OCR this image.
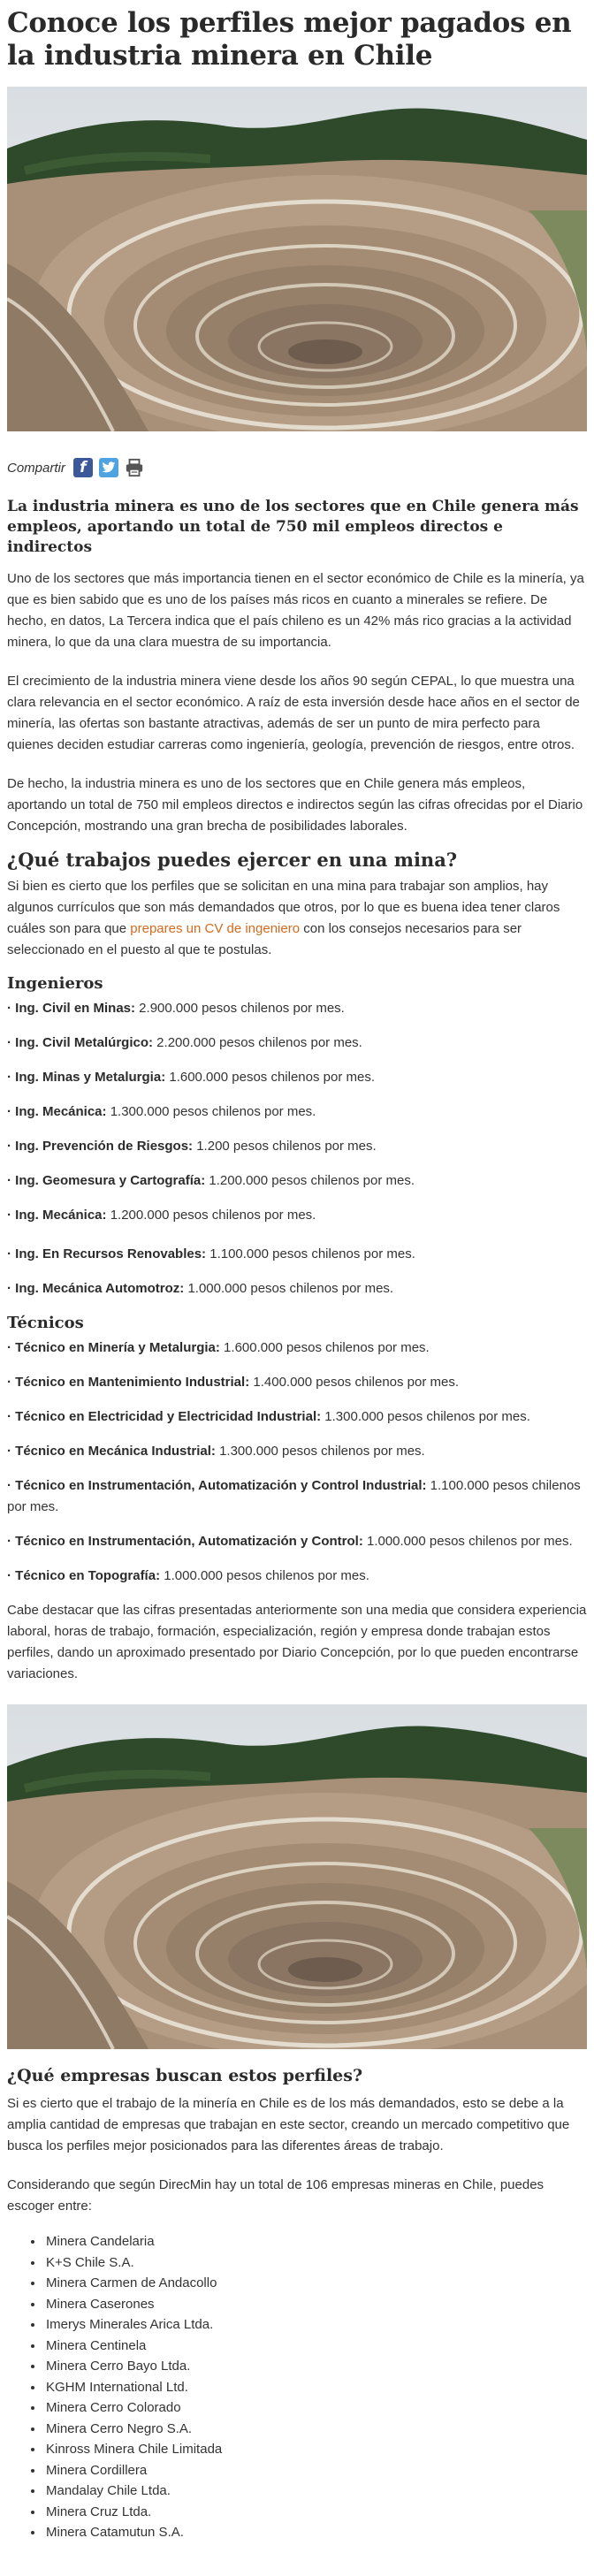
Conoce los perfiles mejor pagados en la industria minera en Chile
Compartir f

La industria minera es uno de los sectores que en Chile genera más empleos, aportando un total de 750 mil empleos directos e indirectos

Uno de los sectores que más importancia tienen en el sector económico de Chile es la minería, ya que es bien sabido que es uno de los países más ricos en cuanto a minerales se refiere. De hecho, en datos, La Tercera indica que el país chileno es un 42% más rico gracias a la actividad minera, lo que da una clara muestra de su importancia.

El crecimiento de la industria minera viene desde los años 90 según CEPAL, lo que muestra una clara relevancia en el sector económico. A raíz de esta inversión desde hace años en el sector de minería, las ofertas son bastante atractivas, además de ser un punto de mira perfecto para quienes deciden estudiar carreras como ingeniería, geología, prevención de riesgos, entre otros.

De hecho, la industria minera es uno de los sectores que en Chile genera más empleos, aportando un total de 750 mil empleos directos e indirectos según las cifras ofrecidas por el Diario Concepción, mostrando una gran brecha de posibilidades laborales.

¿Qué trabajos puedes ejercer en una mina?

Si bien es cierto que los perfiles que se solicitan en una mina para trabajar son amplios, hay algunos currículos que son más demandados que otros, por lo que es buena idea tener claros cuáles son para que prepares un CV de ingeniero con los consejos necesarios para ser seleccionado en el puesto al que te postulas.

Ingenieros

· Ing. Civil en Minas: 2.900.000 pesos chilenos por mes.

· Ing. Civil Metalúrgico: 2.200.000 pesos chilenos por mes.

· Ing. Minas y Metalurgia: 1.600.000 pesos chilenos por mes.

· Ing. Mecánica: 1.300.000 pesos chilenos por mes.

· Ing. Prevención de Riesgos: 1.200 pesos chilenos por mes.

· Ing. Geomesura y Cartografía: 1.200.000 pesos chilenos por mes.

· Ing. Mecánica: 1.200.000 pesos chilenos por mes.

· Ing. En Recursos Renovables: 1.100.000 pesos chilenos por mes.

· Ing. Mecánica Automotroz: 1.000.000 pesos chilenos por mes.

Técnicos

· Técnico en Minería y Metalurgia: 1.600.000 pesos chilenos por mes.

· Técnico en Mantenimiento Industrial: 1.400.000 pesos chilenos por mes.

· Técnico en Electricidad y Electricidad Industrial: 1.300.000 pesos chilenos por mes.

· Técnico en Mecánica Industrial: 1.300.000 pesos chilenos por mes.

· Técnico en Instrumentación, Automatización y Control Industrial: 1.100.000 pesos chilenos por mes.

· Técnico en Instrumentación, Automatización y Control: 1.000.000 pesos chilenos por mes.

· Técnico en Topografía: 1.000.000 pesos chilenos por mes.

Cabe destacar que las cifras presentadas anteriormente son una media que considera experiencia laboral, horas de trabajo, formación, especialización, región y empresa donde trabajan estos perfiles, dando un aproximado presentado por Diario Concepción, por lo que pueden encontrarse variaciones.

¿Qué empresas buscan estos perfiles?

Si es cierto que el trabajo de la minería en Chile es de los más demandados, esto se debe a la amplia cantidad de empresas que trabajan en este sector, creando un mercado competitivo que busca los perfiles mejor posicionados para las diferentes áreas de trabajo.

Considerando que según DirecMin hay un total de 106 empresas mineras en Chile, puedes escoger entre:

• Minera Candelaria
• K+S Chile S.A.
• Minera Carmen de Andacollo
• Minera Caserones
• Imerys Minerales Arica Ltda.
• Minera Centinela
• Minera Cerro Bayo Ltda.
• KGHM International Ltd.
• Minera Cerro Colorado
• Minera Cerro Negro S.A.
• Kinross Minera Chile Limitada
• Minera Cordillera
• Mandalay Chile Ltda.
• Minera Cruz Ltda.
• Minera Catamutun S.A.
